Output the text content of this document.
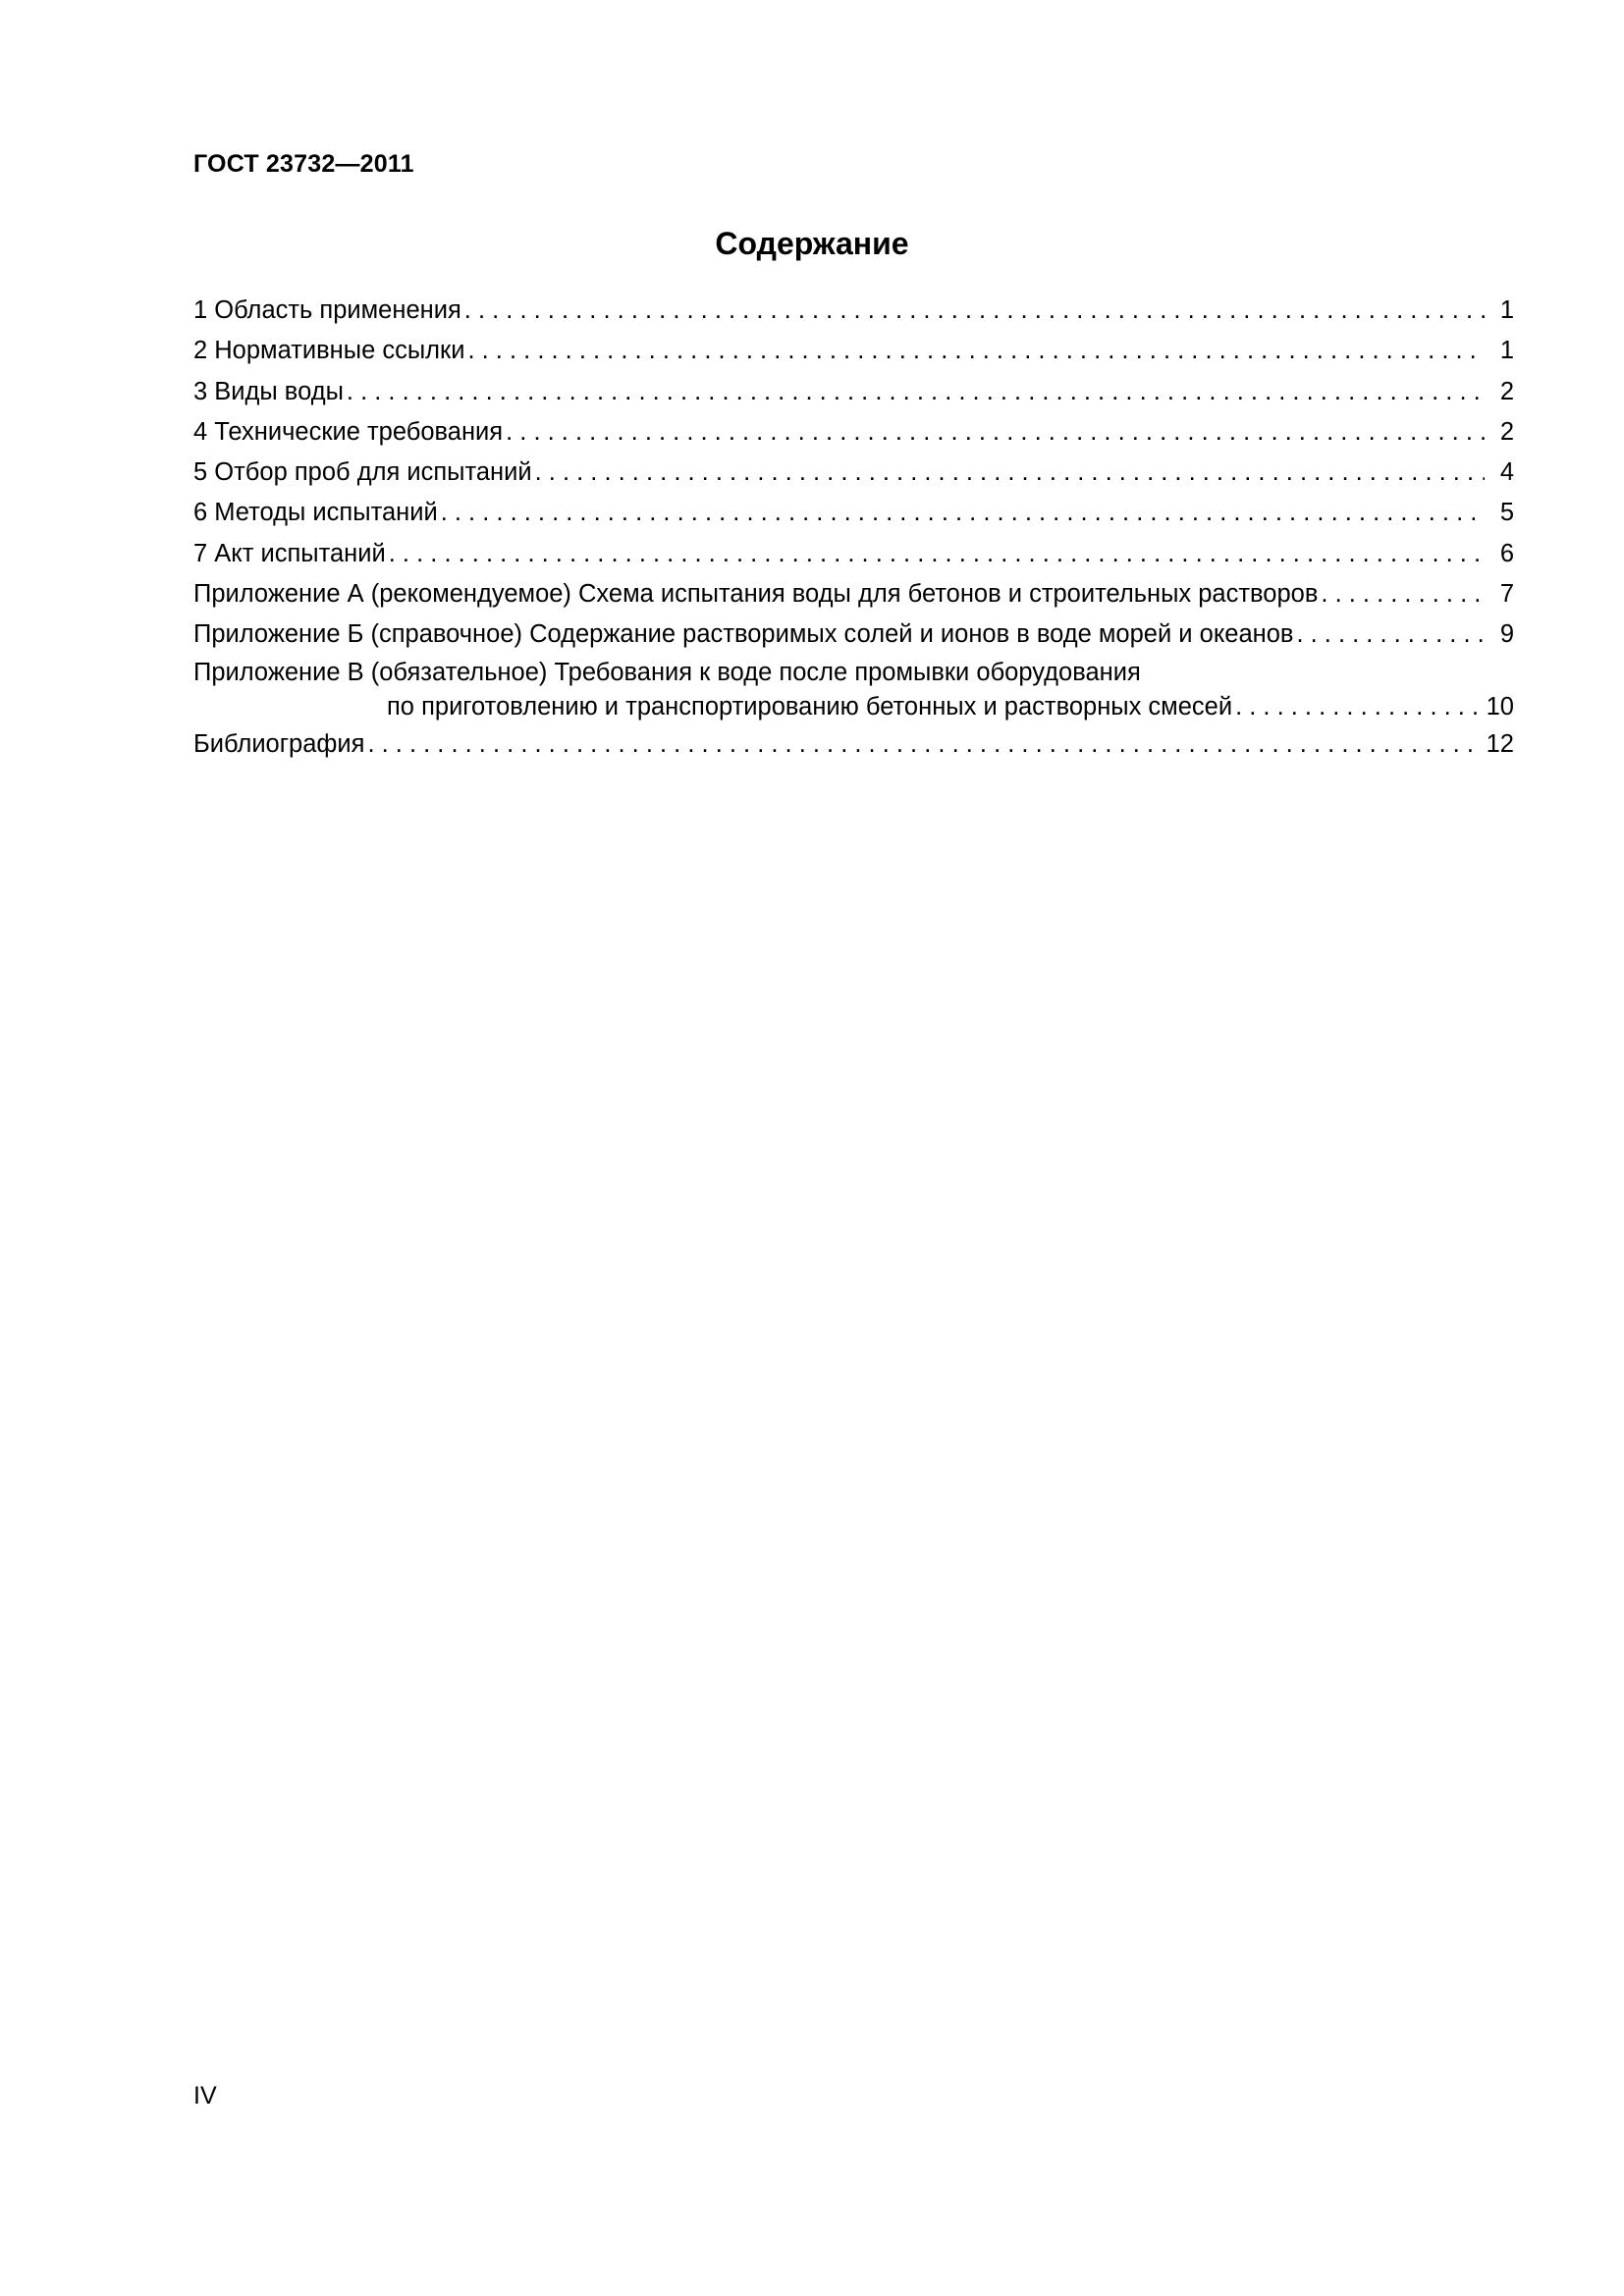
ГОСТ 23732—2011
Содержание
1 Область применения . . .	1
2 Нормативные ссылки . . .	1
3 Виды воды . . .	2
4 Технические требования . . .	2
5 Отбор проб для испытаний . . .	4
6 Методы испытаний . . .	5
7 Акт испытаний . . .	6
Приложение А (рекомендуемое) Схема испытания воды для бетонов и строительных растворов . . .	7
Приложение Б (справочное) Содержание растворимых солей и ионов в воде морей и океанов . . .	9
Приложение В (обязательное) Требования к воде после промывки оборудования
по приготовлению и транспортированию бетонных и растворных смесей . . .	10
Библиография . . .	12
IV
